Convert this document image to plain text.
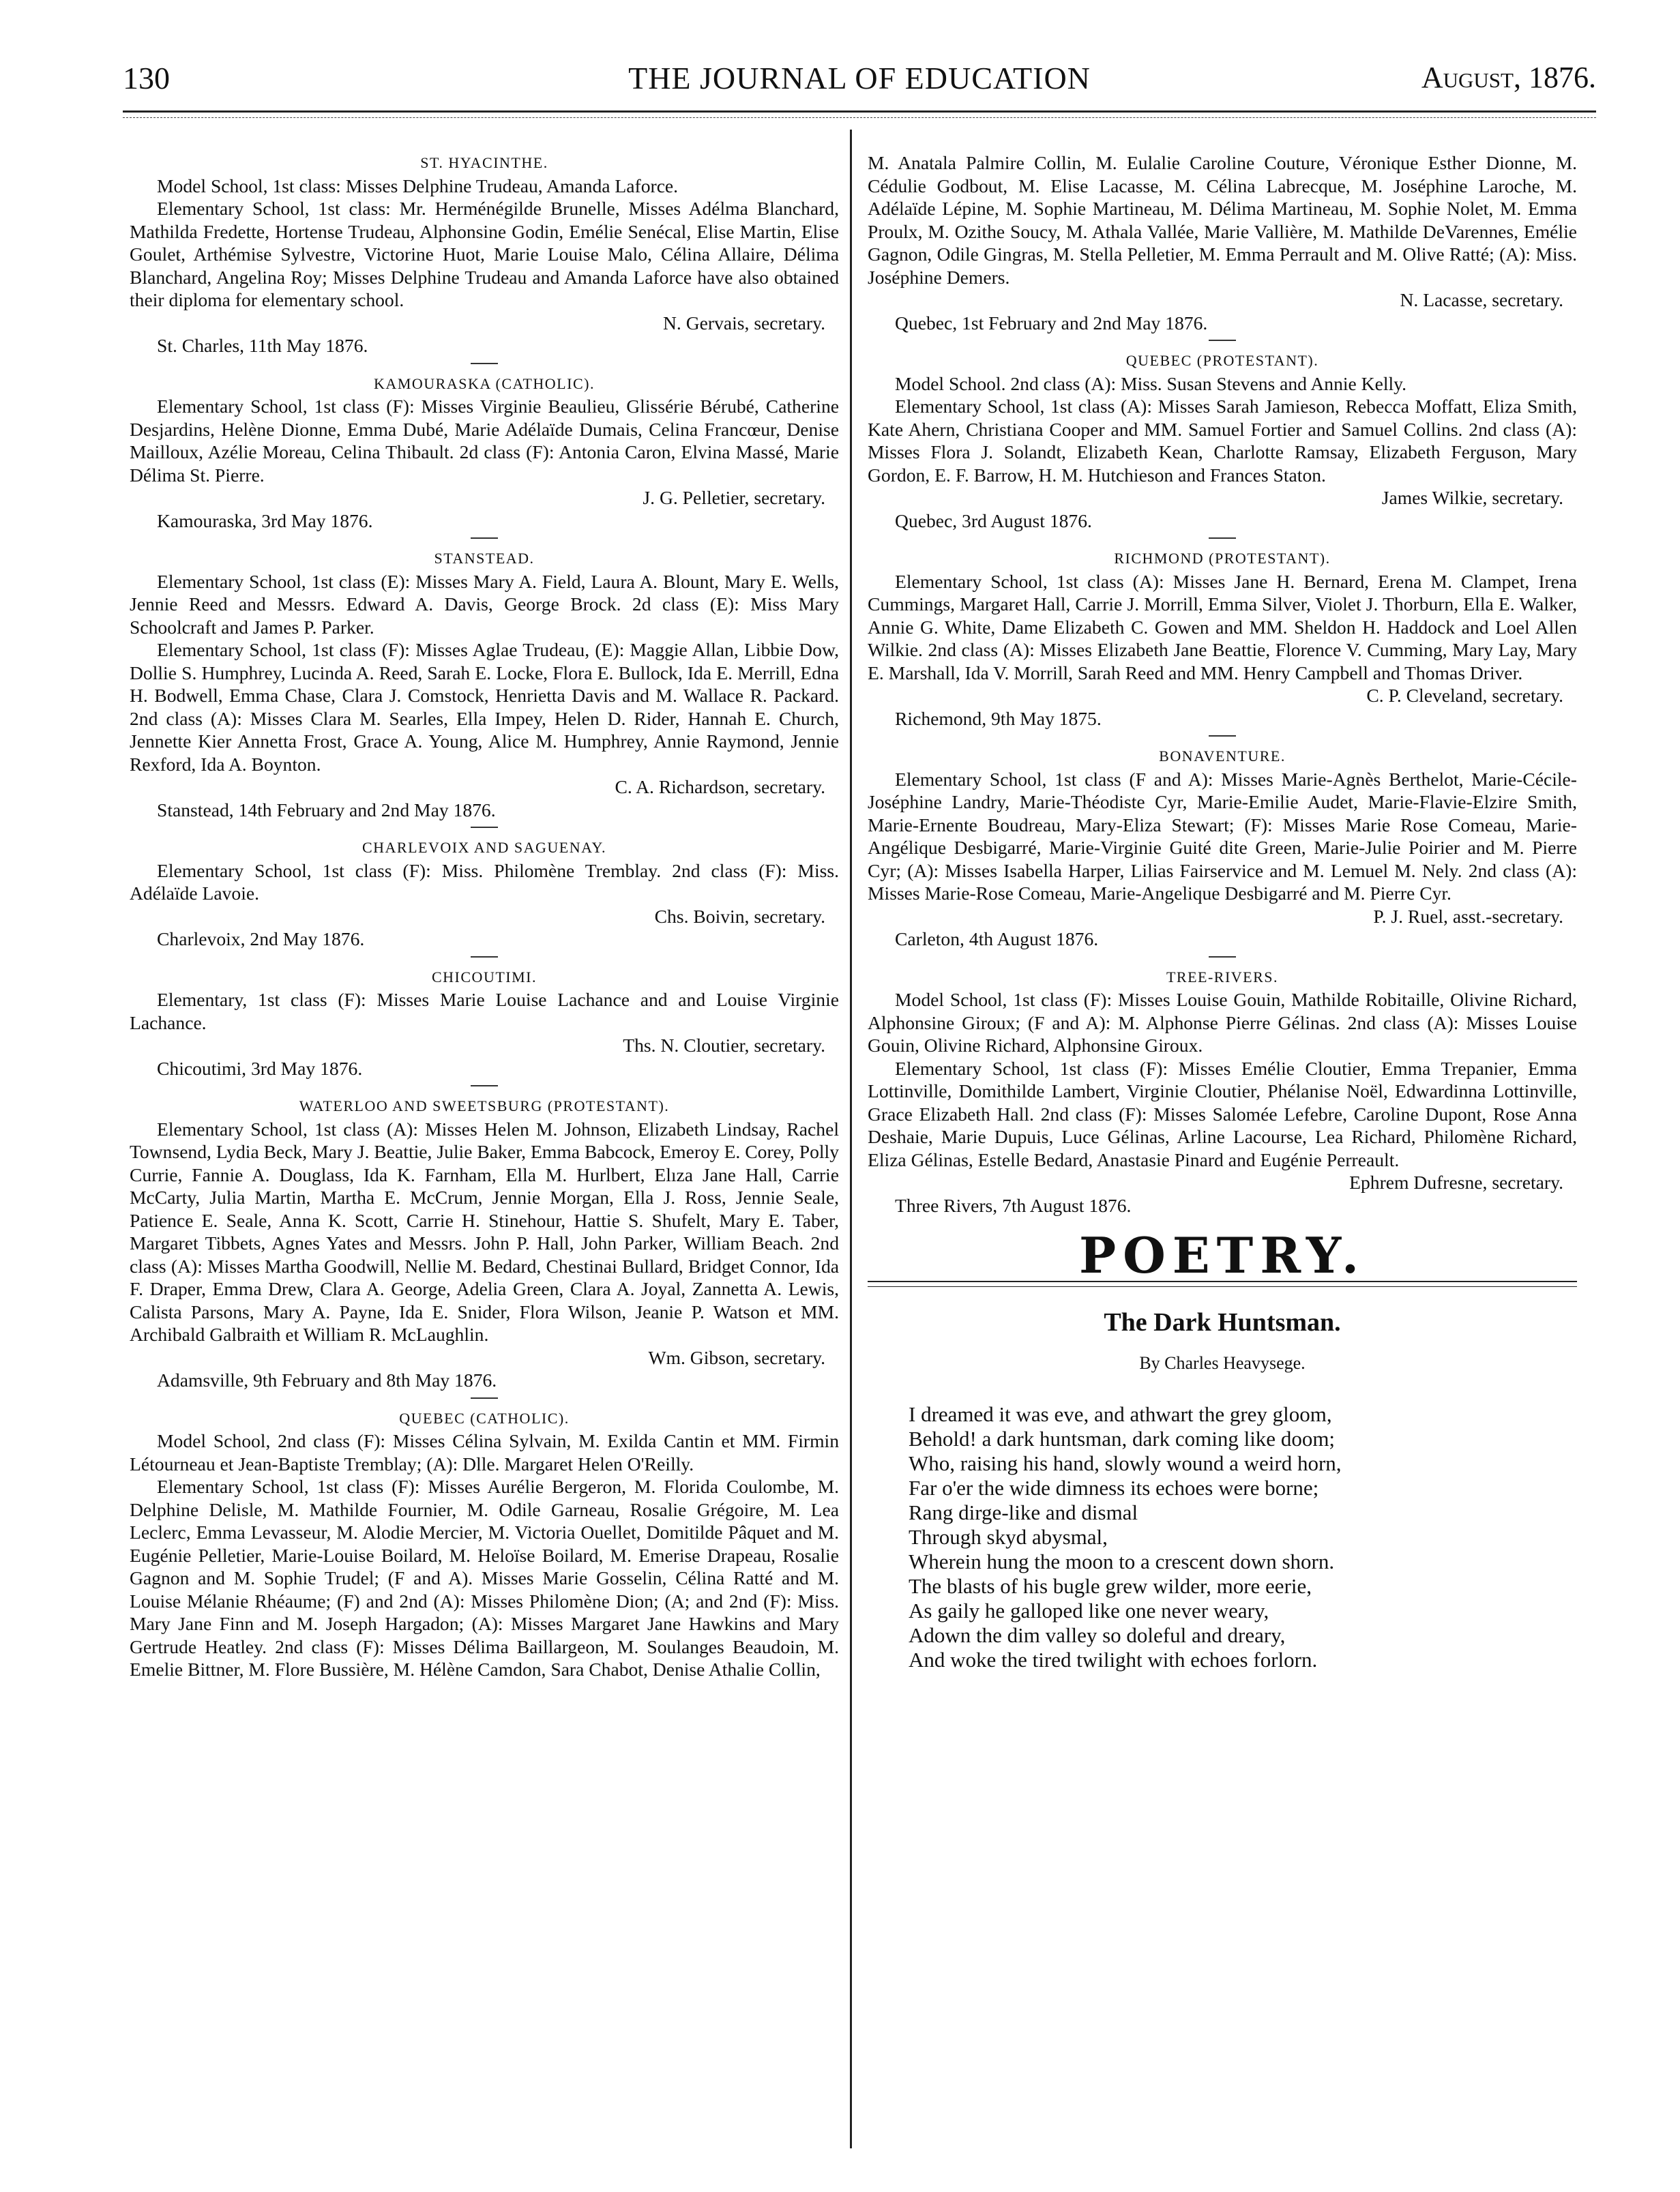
130	THE JOURNAL OF EDUCATION	August, 1876.

ST. HYACINTHE.

Model School, 1st class: Misses Delphine Trudeau, Amanda Laforce.

Elementary School, 1st class: Mr. Herménégilde Brunelle, Misses Adélma Blanchard, Mathilda Fredette, Hortense Trudeau, Alphonsine Godin, Emélie Senécal, Elise Martin, Elise Goulet, Arthémise Sylvestre, Victorine Huot, Marie Louise Malo, Célina Allaire, Délima Blanchard, Angelina Roy; Misses Delphine Trudeau and Amanda Laforce have also obtained their diploma for elementary school.

N. Gervais, secretary.

St. Charles, 11th May 1876.

KAMOURASKA (CATHOLIC).

Elementary School, 1st class (F): Misses Virginie Beaulieu, Glissérie Bérubé, Catherine Desjardins, Helène Dionne, Emma Dubé, Marie Adélaïde Dumais, Celina Francœur, Denise Mailloux, Azélie Moreau, Celina Thibault. 2d class (F): Antonia Caron, Elvina Massé, Marie Délima St. Pierre.

J. G. Pelletier, secretary.

Kamouraska, 3rd May 1876.

STANSTEAD.

Elementary School, 1st class (E): Misses Mary A. Field, Laura A. Blount, Mary E. Wells, Jennie Reed and Messrs. Edward A. Davis, George Brock. 2d class (E): Miss Mary Schoolcraft and James P. Parker.

Elementary School, 1st class (F): Misses Aglae Trudeau, (E): Maggie Allan, Libbie Dow, Dollie S. Humphrey, Lucinda A. Reed, Sarah E. Locke, Flora E. Bullock, Ida E. Merrill, Edna H. Bodwell, Emma Chase, Clara J. Comstock, Henrietta Davis and M. Wallace R. Packard. 2nd class (A): Misses Clara M. Searles, Ella Impey, Helen D. Rider, Hannah E. Church, Jennette Kier Annetta Frost, Grace A. Young, Alice M. Humphrey, Annie Raymond, Jennie Rexford, Ida A. Boynton.

C. A. Richardson, secretary.

Stanstead, 14th February and 2nd May 1876.

CHARLEVOIX AND SAGUENAY.

Elementary School, 1st class (F): Miss. Philomène Tremblay. 2nd class (F): Miss. Adélaïde Lavoie.

Chs. Boivin, secretary.

Charlevoix, 2nd May 1876.

CHICOUTIMI.

Elementary, 1st class (F): Misses Marie Louise Lachance and and Louise Virginie Lachance.

Ths. N. Cloutier, secretary.

Chicoutimi, 3rd May 1876.

WATERLOO AND SWEETSBURG (PROTESTANT).

Elementary School, 1st class (A): Misses Helen M. Johnson, Elizabeth Lindsay, Rachel Townsend, Lydia Beck, Mary J. Beattie, Julie Baker, Emma Babcock, Emeroy E. Corey, Polly Currie, Fannie A. Douglass, Ida K. Farnham, Ella M. Hurlbert, Elıza Jane Hall, Carrie McCarty, Julia Martin, Martha E. McCrum, Jennie Morgan, Ella J. Ross, Jennie Seale, Patience E. Seale, Anna K. Scott, Carrie H. Stinehour, Hattie S. Shufelt, Mary E. Taber, Margaret Tibbets, Agnes Yates and Messrs. John P. Hall, John Parker, William Beach. 2nd class (A): Misses Martha Goodwill, Nellie M. Bedard, Chestinai Bullard, Bridget Connor, Ida F. Draper, Emma Drew, Clara A. George, Adelia Green, Clara A. Joyal, Zannetta A. Lewis, Calista Parsons, Mary A. Payne, Ida E. Snider, Flora Wilson, Jeanie P. Watson et MM. Archibald Galbraith et William R. McLaughlin.

Wm. Gibson, secretary.

Adamsville, 9th February and 8th May 1876.

QUEBEC (CATHOLIC).

Model School, 2nd class (F): Misses Célina Sylvain, M. Exilda Cantin et MM. Firmin Létourneau et Jean-Baptiste Tremblay; (A): Dlle. Margaret Helen O'Reilly.

Elementary School, 1st class (F): Misses Aurélie Bergeron, M. Florida Coulombe, M. Delphine Delisle, M. Mathilde Fournier, M. Odile Garneau, Rosalie Grégoire, M. Lea Leclerc, Emma Levasseur, M. Alodie Mercier, M. Victoria Ouellet, Domitilde Pâquet and M. Eugénie Pelletier, Marie-Louise Boilard, M. Heloïse Boilard, M. Emerise Drapeau, Rosalie Gagnon and M. Sophie Trudel; (F and A). Misses Marie Gosselin, Célina Ratté and M. Louise Mélanie Rhéaume; (F) and 2nd (A): Misses Philomène Dion; (A; and 2nd (F): Miss. Mary Jane Finn and M. Joseph Hargadon; (A): Misses Margaret Jane Hawkins and Mary Gertrude Heatley. 2nd class (F): Misses Délima Baillargeon, M. Soulanges Beaudoin, M. Emelie Bittner, M. Flore Bussière, M. Hélène Camdon, Sara Chabot, Denise Athalie Collin,

M. Anatala Palmire Collin, M. Eulalie Caroline Couture, Véronique Esther Dionne, M. Cédulie Godbout, M. Elise Lacasse, M. Célina Labrecque, M. Joséphine Laroche, M. Adélaïde Lépine, M. Sophie Martineau, M. Délima Martineau, M. Sophie Nolet, M. Emma Proulx, M. Ozithe Soucy, M. Athala Vallée, Marie Vallière, M. Mathilde DeVarennes, Emélie Gagnon, Odile Gingras, M. Stella Pelletier, M. Emma Perrault and M. Olive Ratté; (A): Miss. Joséphine Demers.

N. Lacasse, secretary.

Quebec, 1st February and 2nd May 1876.

QUEBEC (PROTESTANT).

Model School. 2nd class (A): Miss. Susan Stevens and Annie Kelly.

Elementary School, 1st class (A): Misses Sarah Jamieson, Rebecca Moffatt, Eliza Smith, Kate Ahern, Christiana Cooper and MM. Samuel Fortier and Samuel Collins. 2nd class (A): Misses Flora J. Solandt, Elizabeth Kean, Charlotte Ramsay, Elizabeth Ferguson, Mary Gordon, E. F. Barrow, H. M. Hutchieson and Frances Staton.

James Wilkie, secretary.

Quebec, 3rd August 1876.

RICHMOND (PROTESTANT).

Elementary School, 1st class (A): Misses Jane H. Bernard, Erena M. Clampet, Irena Cummings, Margaret Hall, Carrie J. Morrill, Emma Silver, Violet J. Thorburn, Ella E. Walker, Annie G. White, Dame Elizabeth C. Gowen and MM. Sheldon H. Haddock and Loel Allen Wilkie. 2nd class (A): Misses Elizabeth Jane Beattie, Florence V. Cumming, Mary Lay, Mary E. Marshall, Ida V. Morrill, Sarah Reed and MM. Henry Campbell and Thomas Driver.

C. P. Cleveland, secretary.

Richemond, 9th May 1875.

BONAVENTURE.

Elementary School, 1st class (F and A): Misses Marie-Agnès Berthelot, Marie-Cécile-Joséphine Landry, Marie-Théodiste Cyr, Marie-Emilie Audet, Marie-Flavie-Elzire Smith, Marie-Ernente Boudreau, Mary-Eliza Stewart; (F): Misses Marie Rose Comeau, Marie-Angélique Desbigarré, Marie-Virginie Guité dite Green, Marie-Julie Poirier and M. Pierre Cyr; (A): Misses Isabella Harper, Lilias Fairservice and M. Lemuel M. Nely. 2nd class (A): Misses Marie-Rose Comeau, Marie-Angelique Desbigarré and M. Pierre Cyr.

P. J. Ruel, asst.-secretary.

Carleton, 4th August 1876.

TREE-RIVERS.

Model School, 1st class (F): Misses Louise Gouin, Mathilde Robitaille, Olivine Richard, Alphonsine Giroux; (F and A): M. Alphonse Pierre Gélinas. 2nd class (A): Misses Louise Gouin, Olivine Richard, Alphonsine Giroux.

Elementary School, 1st class (F): Misses Emélie Cloutier, Emma Trepanier, Emma Lottinville, Domithilde Lambert, Virginie Cloutier, Phélanise Noël, Edwardinna Lottinville, Grace Elizabeth Hall. 2nd class (F): Misses Salomée Lefebre, Caroline Dupont, Rose Anna Deshaie, Marie Dupuis, Luce Gélinas, Arline Lacourse, Lea Richard, Philomène Richard, Eliza Gélinas, Estelle Bedard, Anastasie Pinard and Eugénie Perreault.

Ephrem Dufresne, secretary.

Three Rivers, 7th August 1876.

POETRY.

The Dark Huntsman.

By Charles Heavysege.

I dreamed it was eve, and athwart the grey gloom,
Behold! a dark huntsman, dark coming like doom;
Who, raising his hand, slowly wound a weird horn,
Far o'er the wide dimness its echoes were borne;
Rang dirge-like and dismal
Through skyd abysmal,
Wherein hung the moon to a crescent down shorn.
The blasts of his bugle grew wilder, more eerie,
As gaily he galloped like one never weary,
Adown the dim valley so doleful and dreary,
And woke the tired twilight with echoes forlorn.
